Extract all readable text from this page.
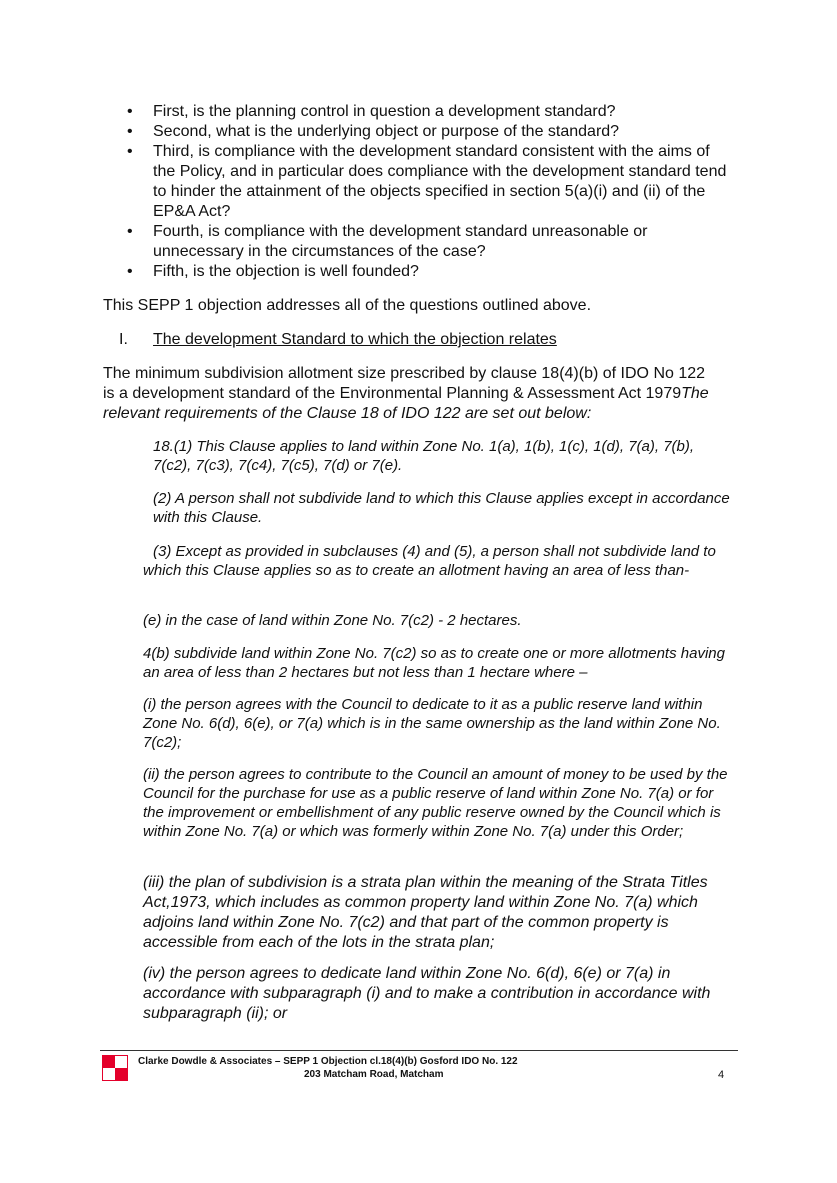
• First, is the planning control in question a development standard?
• Second, what is the underlying object or purpose of the standard?
• Third, is compliance with the development standard consistent with the aims of the Policy, and in particular does compliance with the development standard tend to hinder the attainment of the objects specified in section 5(a)(i) and (ii) of the EP&A Act?
• Fourth, is compliance with the development standard unreasonable or unnecessary in the circumstances of the case?
• Fifth, is the objection is well founded?

This SEPP 1 objection addresses all of the questions outlined above.

I. The development Standard to which the objection relates

The minimum subdivision allotment size prescribed by clause 18(4)(b) of IDO No 122 is a development standard of the Environmental Planning & Assessment Act 1979The relevant requirements of the Clause 18 of IDO 122 are set out below:

18.(1) This Clause applies to land within Zone No. 1(a), 1(b), 1(c), 1(d), 7(a), 7(b), 7(c2), 7(c3), 7(c4), 7(c5), 7(d) or 7(e).

(2) A person shall not subdivide land to which this Clause applies except in accordance with this Clause.

(3) Except as provided in subclauses (4) and (5), a person shall not subdivide land to which this Clause applies so as to create an allotment having an area of less than-

(e) in the case of land within Zone No. 7(c2) - 2 hectares.

4(b) subdivide land within Zone No. 7(c2) so as to create one or more allotments having an area of less than 2 hectares but not less than 1 hectare where –

(i) the person agrees with the Council to dedicate to it as a public reserve land within Zone No. 6(d), 6(e), or 7(a) which is in the same ownership as the land within Zone No. 7(c2);

(ii) the person agrees to contribute to the Council an amount of money to be used by the Council for the purchase for use as a public reserve of land within Zone No. 7(a) or for the improvement or embellishment of any public reserve owned by the Council which is within Zone No. 7(a) or which was formerly within Zone No. 7(a) under this Order;

(iii) the plan of subdivision is a strata plan within the meaning of the Strata Titles Act,1973, which includes as common property land within Zone No. 7(a) which adjoins land within Zone No. 7(c2) and that part of the common property is accessible from each of the lots in the strata plan;

(iv) the person agrees to dedicate land within Zone No. 6(d), 6(e) or 7(a) in accordance with subparagraph (i) and to make a contribution in accordance with subparagraph (ii); or

Clarke Dowdle & Associates – SEPP 1 Objection cl.18(4)(b) Gosford IDO No. 122
203 Matcham Road, Matcham	4
